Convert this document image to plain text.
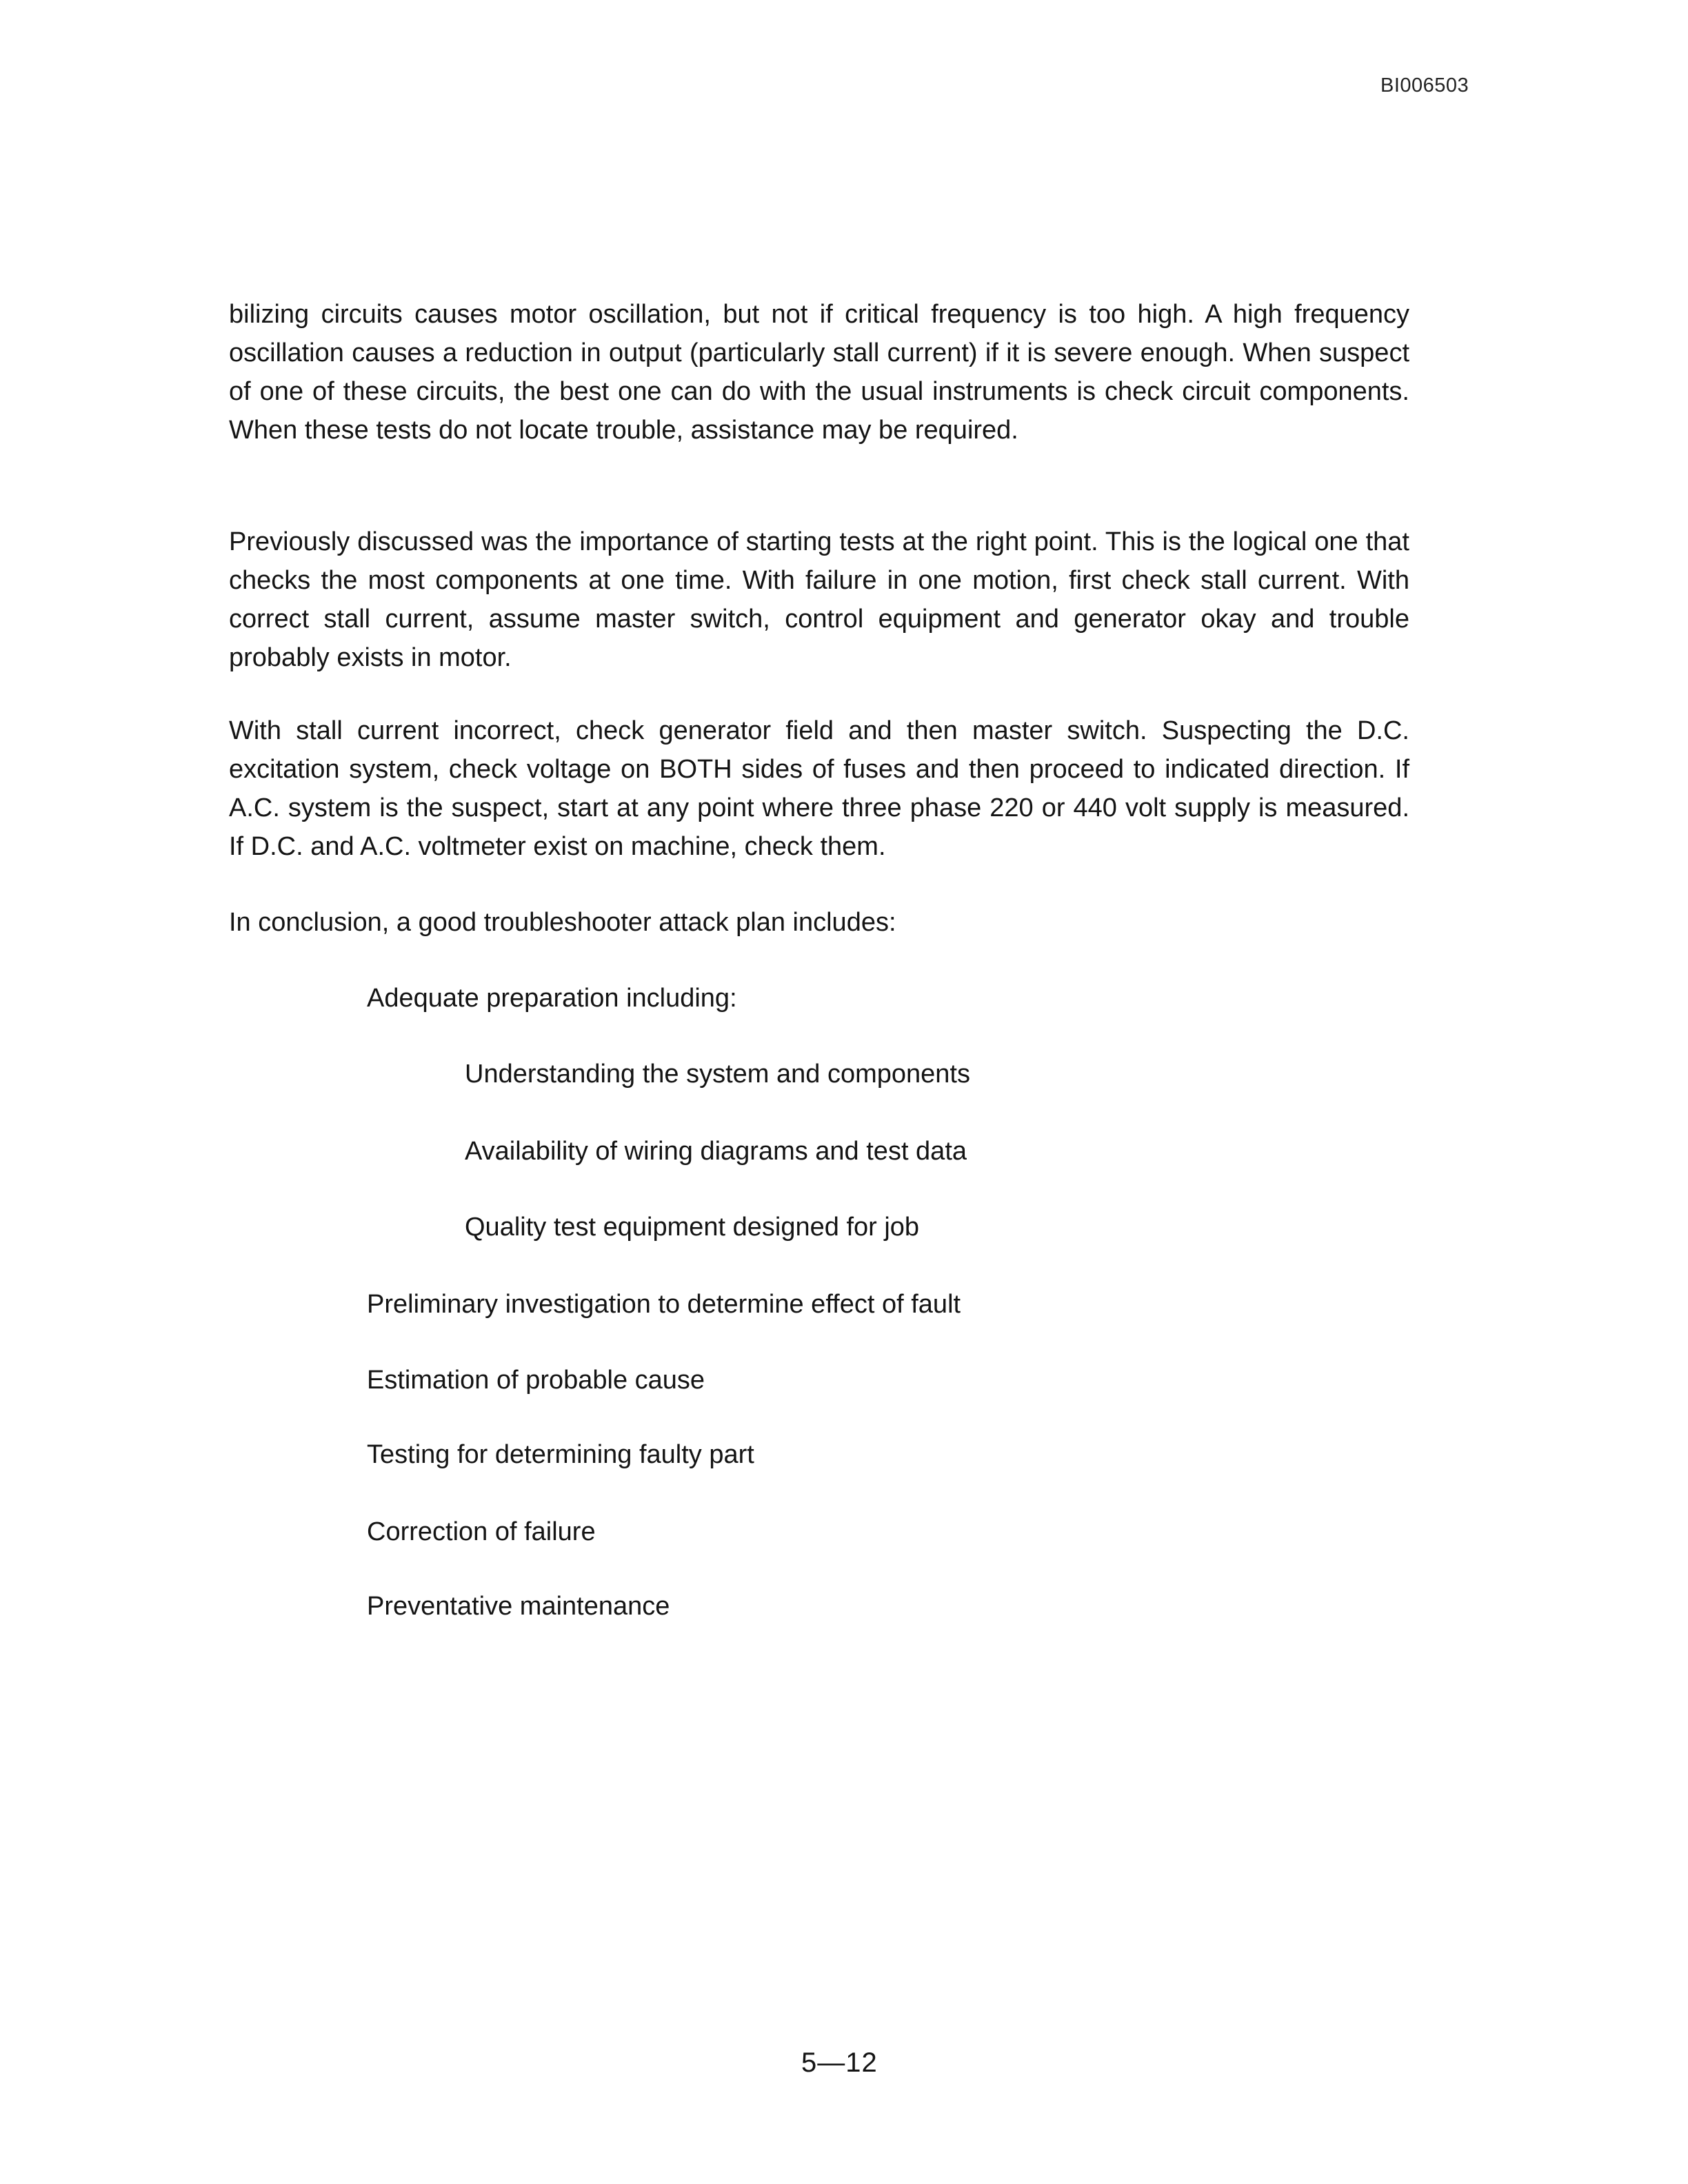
BI006503

bilizing circuits causes motor oscillation, but not if critical frequency is too high. A high frequency oscillation causes a reduction in output (particularly stall current) if it is severe enough. When suspect of one of these circuits, the best one can do with the usual instruments is check circuit components. When these tests do not locate trouble, assistance may be required.

Previously discussed was the importance of starting tests at the right point. This is the logical one that checks the most components at one time. With failure in one motion, first check stall current. With correct stall current, assume master switch, control equipment and generator okay and trouble probably exists in motor.

With stall current incorrect, check generator field and then master switch. Suspecting the D.C. excitation system, check voltage on BOTH sides of fuses and then proceed to indicated direction. If A.C. system is the suspect, start at any point where three phase 220 or 440 volt supply is measured. If D.C. and A.C. voltmeter exist on machine, check them.

In conclusion, a good troubleshooter attack plan includes:

Adequate preparation including:
Understanding the system and components
Availability of wiring diagrams and test data
Quality test equipment designed for job
Preliminary investigation to determine effect of fault
Estimation of probable cause
Testing for determining faulty part
Correction of failure
Preventative maintenance
5—12
